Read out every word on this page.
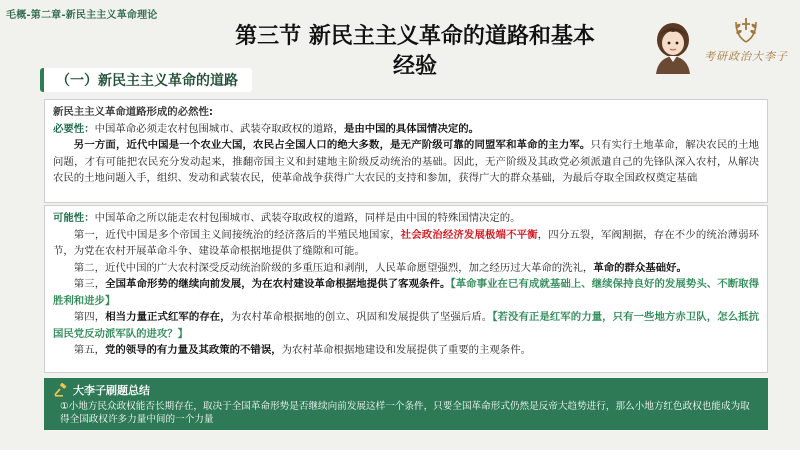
毛概-第二章-新民主主义革命理论
第三节 新民主主义革命的道路和基本
经验	考研政治大李子
（一）新民主主义革命的道路

新民主主义革命道路形成的必然性:

必要性：中国革命必须走农村包围城市、武装夺取政权的道路，是由中国的具体国情决定的。

另一方面，近代中国是一个农业大国，农民占全国人口的绝大多数，是无产阶级可靠的同盟军和革命的主力军。只有实行土地革命，解决农民的土地问题，才有可能把农民充分发动起来，推翻帝国主义和封建地主阶级反动统治的基础。因此，无产阶级及其政党必须派遣自己的先锋队深入农村，从解决农民的土地问题入手，组织、发动和武装农民，使革命战争获得广大农民的支持和参加，获得广大的群众基础，为最后夺取全国政权奠定基础

可能性：中国革命之所以能走农村包围城市、武装夺取政权的道路，同样是由中国的特殊国情决定的。

第一，近代中国是多个帝国主义间接统治的经济落后的半殖民地国家，社会政治经济发展极端不平衡，四分五裂，军阀割据，存在不少的统治薄弱环节，为党在农村开展革命斗争、建设革命根据地提供了缝隙和可能。

第二，近代中国的广大农村深受反动统治阶级的多重压迫和剥削，人民革命愿望强烈，加之经历过大革命的洗礼，革命的群众基础好。

第三，全国革命形势的继续向前发展，为在农村建设革命根据地提供了客观条件。【革命事业在已有成就基础上、继续保持良好的发展势头、不断取得胜利和进步】

第四，相当力量正式红军的存在，为农村革命根据地的创立、巩固和发展提供了坚强后盾。【若没有正是红军的力量，只有一些地方赤卫队，怎么抵抗国民党反动派军队的进攻？】

第五，党的领导的有力量及其政策的不错误，为农村革命根据地建设和发展提供了重要的主观条件。

大李子刷题总结
①小地方民众政权能否长期存在，取决于全国革命形势是否继续向前发展这样一个条件，只要全国革命形式仍然是反帝大趋势进行，那么小地方红色政权也能成为取得全国政权许多力量中间的一个力量
